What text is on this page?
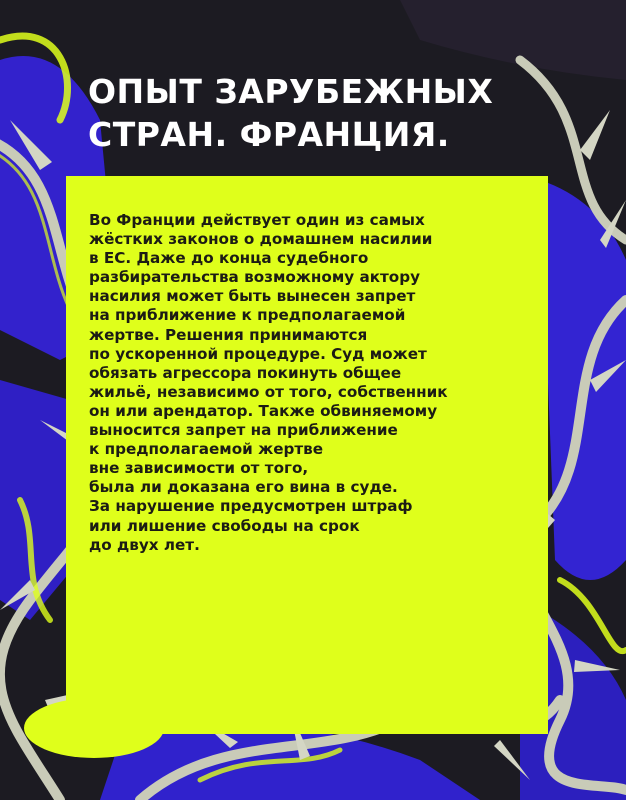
ОПЫТ ЗАРУБЕЖНЫХ
СТРАН. ФРАНЦИЯ.
Во Франции действует один из самых
жёстких законов о домашнем насилии
в ЕС. Даже до конца судебного
разбирательства возможному актору
насилия может быть вынесен запрет
на приближение к предполагаемой
жертве. Решения принимаются
по ускоренной процедуре. Суд может
обязать агрессора покинуть общее
жильё, независимо от того, собственник
он или арендатор. Также обвиняемому
выносится запрет на приближение
к предполагаемой жертве
вне зависимости от того,
была ли доказана его вина в суде.
За нарушение предусмотрен штраф
или лишение свободы на срок
до двух лет.
